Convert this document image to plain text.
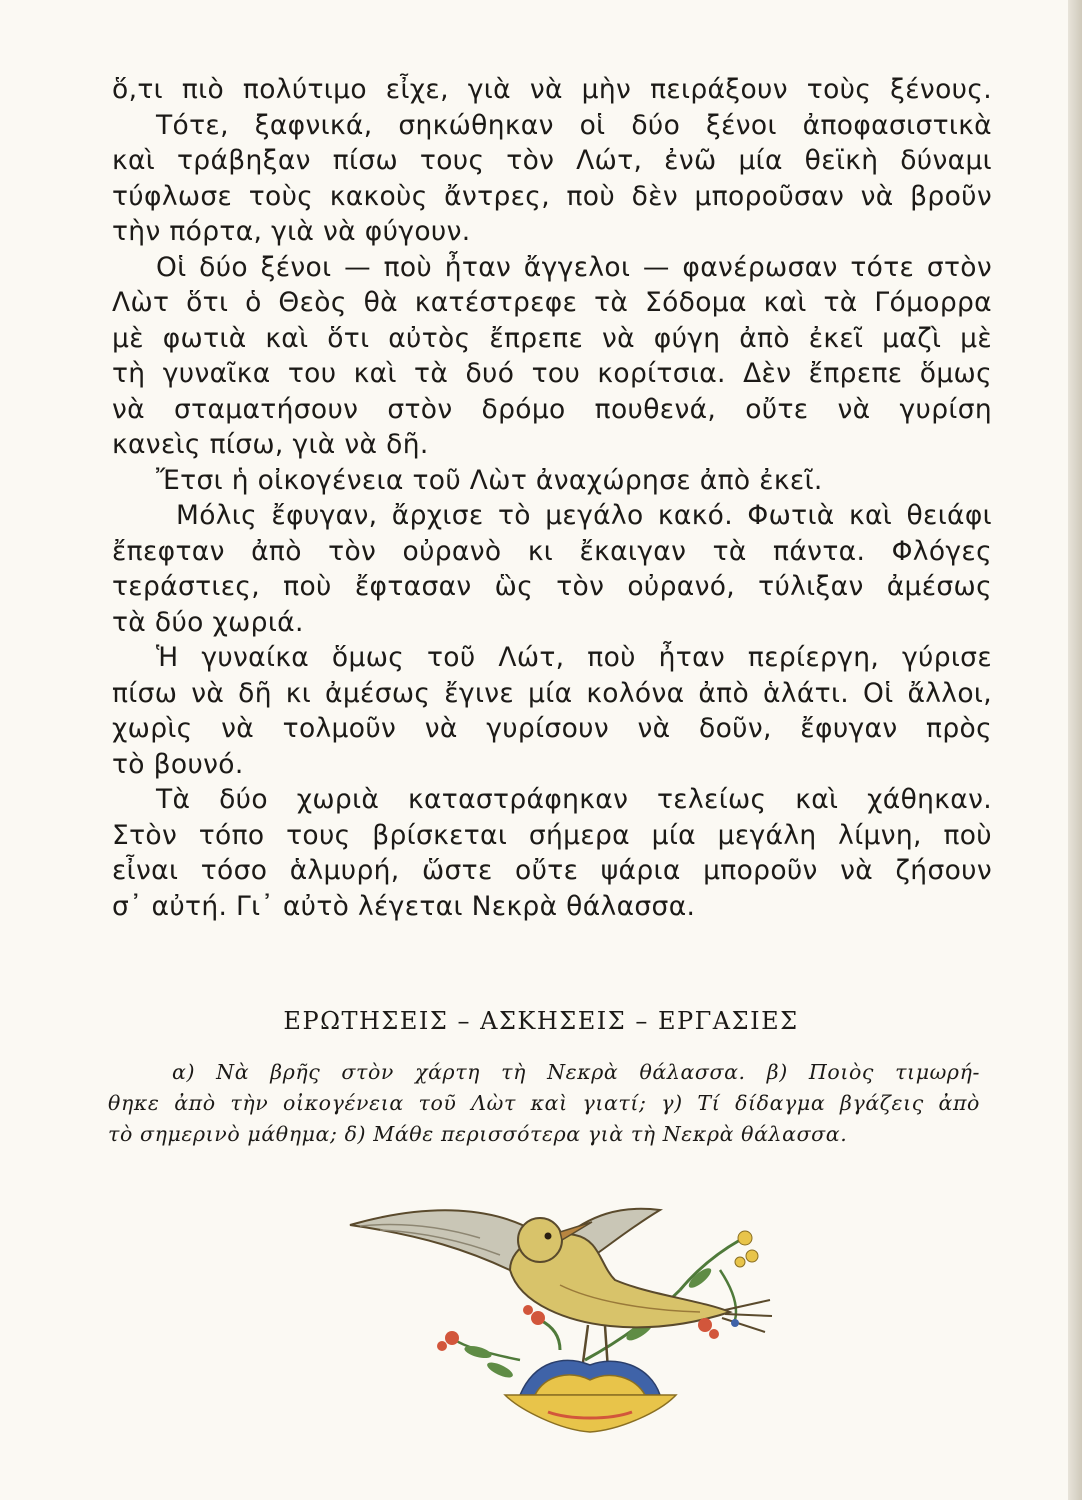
ὅ,τι πιὸ πολύτιμο εἶχε, γιὰ νὰ μὴν πειράξουν τοὺς ξένους.
Τότε, ξαφνικά, σηκώθηκαν οἱ δύο ξένοι ἀποφασιστικὰ
καὶ τράβηξαν πίσω τους τὸν Λώτ, ἐνῶ μία θεϊκὴ δύναμι
τύφλωσε τοὺς κακοὺς ἄντρες, ποὺ δὲν μποροῦσαν νὰ βροῦν
τὴν πόρτα, γιὰ νὰ φύγουν.
Οἱ δύο ξένοι — ποὺ ἦταν ἄγγελοι — φανέρωσαν τότε στὸν
Λὼτ ὅτι ὁ Θεὸς θὰ κατέστρεφε τὰ Σόδομα καὶ τὰ Γόμορρα
μὲ φωτιὰ καὶ ὅτι αὐτὸς ἔπρεπε νὰ φύγη ἀπὸ ἐκεῖ μαζὶ μὲ
τὴ γυναῖκα του καὶ τὰ δυό του κορίτσια. Δὲν ἔπρεπε ὅμως
νὰ σταματήσουν στὸν δρόμο πουθενά, οὔτε νὰ γυρίση
κανεὶς πίσω, γιὰ νὰ δῆ.
Ἔτσι ἡ οἰκογένεια τοῦ Λὼτ ἀναχώρησε ἀπὸ ἐκεῖ.
Μόλις ἔφυγαν, ἄρχισε τὸ μεγάλο κακό. Φωτιὰ καὶ θειάφι
ἔπεφταν ἀπὸ τὸν οὐρανὸ κι ἔκαιγαν τὰ πάντα. Φλόγες
τεράστιες, ποὺ ἔφτασαν ὣς τὸν οὐρανό, τύλιξαν ἀμέσως
τὰ δύο χωριά.
Ἡ γυναίκα ὅμως τοῦ Λώτ, ποὺ ἦταν περίεργη, γύρισε
πίσω νὰ δῆ κι ἀμέσως ἔγινε μία κολόνα ἀπὸ ἁλάτι. Οἱ ἄλλοι,
χωρὶς νὰ τολμοῦν νὰ γυρίσουν νὰ δοῦν, ἔφυγαν πρὸς
τὸ βουνό.
Τὰ δύο χωριὰ καταστράφηκαν τελείως καὶ χάθηκαν.
Στὸν τόπο τους βρίσκεται σήμερα μία μεγάλη λίμνη, ποὺ
εἶναι τόσο ἁλμυρή, ὥστε οὔτε ψάρια μποροῦν νὰ ζήσουν
σ᾽ αὐτή. Γι᾽ αὐτὸ λέγεται Νεκρὰ θάλασσα.
ΕΡΩΤΗΣΕΙΣ – ΑΣΚΗΣΕΙΣ – ΕΡΓΑΣΙΕΣ
α) Νὰ βρῆς στὸν χάρτη τὴ Νεκρὰ θάλασσα. β) Ποιὸς τιμωρή-
θηκε ἀπὸ τὴν οἰκογένεια τοῦ Λὼτ καὶ γιατί; γ) Τί δίδαγμα βγάζεις ἀπὸ
τὸ σημερινὸ μάθημα; δ) Μάθε περισσότερα γιὰ τὴ Νεκρὰ θάλασσα.
